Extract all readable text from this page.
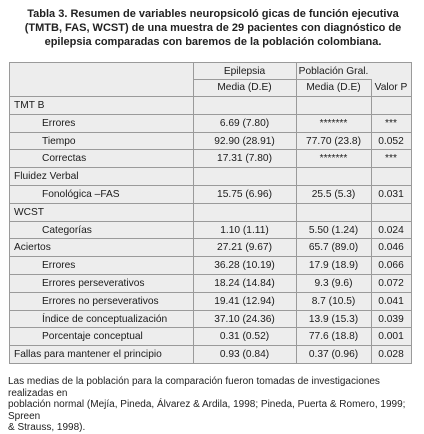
Tabla 3. Resumen de variables neuropsicoló gicas de función ejecutiva
(TMTB, FAS, WCST) de una muestra de 29 pacientes con diagnóstico de
epilepsia comparadas con baremos de la población colombiana.
Epilepsia	Población Gral.
Media (D.E)	Media (D.E)	Valor P
TMT B
Errores	6.69 (7.80)	*******	***
Tiempo	92.90 (28.91)	77.70 (23.8)	0.052
Correctas	17.31 (7.80)	*******	***
Fluidez Verbal
Fonológica –FAS	15.75 (6.96)	25.5 (5.3)	0.031
WCST
Categorías	1.10 (1.11)	5.50 (1.24)	0.024
Aciertos	27.21 (9.67)	65.7 (89.0)	0.046
Errores	36.28 (10.19)	17.9 (18.9)	0.066
Errores perseverativos	18.24 (14.84)	9.3 (9.6)	0.072
Errores no perseverativos	19.41 (12.94)	8.7 (10.5)	0.041
Índice de conceptualización	37.10 (24.36)	13.9 (15.3)	0.039
Porcentaje conceptual	0.31 (0.52)	77.6 (18.8)	0.001
Fallas para mantener el principio	0.93 (0.84)	0.37 (0.96)	0.028
Las medias de la población para la comparación fueron tomadas de investigaciones realizadas en
población normal (Mejía, Pineda, Álvarez & Ardila, 1998; Pineda, Puerta & Romero, 1999; Spreen
& Strauss, 1998).
